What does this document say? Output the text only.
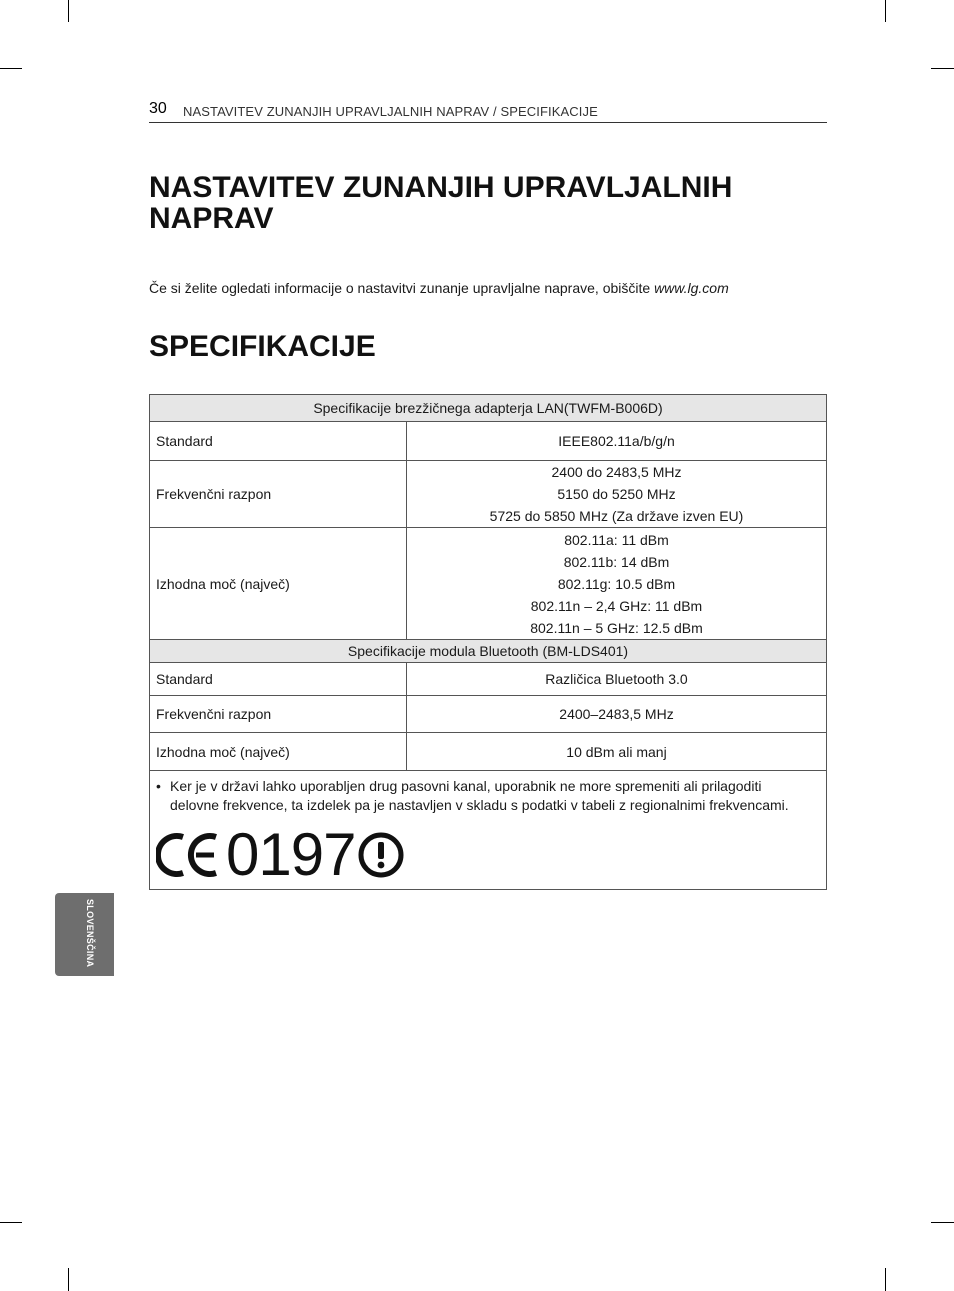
30 NASTAVITEV ZUNANJIH UPRAVLJALNIH NAPRAV / SPECIFIKACIJE
NASTAVITEV ZUNANJIH UPRAVLJALNIH NAPRAV

Če si želite ogledati informacije o nastavitvi zunanje upravljalne naprave, obiščite www.lg.com

SPECIFIKACIJE
Specifikacije brezžičnega adapterja LAN(TWFM-B006D)	
Standard	IEEE802.11a/b/g/n

Frekvenčni razpon	2400 do 2483,5 MHz
5150 do 5250 MHz
5725 do 5850 MHz (Za države izven EU)

Izhodna moč (največ)	802.11a: 11 dBm
802.11b: 14 dBm
802.11g: 10.5 dBm
802.11n – 2,4 GHz: 11 dBm
802.11n – 5 GHz: 12.5 dBm

Specifikacije modula Bluetooth (BM-LDS401)	
Standard	Različica Bluetooth 3.0

Frekvenčni razpon	2400–2483,5 MHz

Izhodna moč (največ)	10 dBm ali manj

• Ker je v državi lahko uporabljen drug pasovni kanal, uporabnik ne more spremeniti ali prilagoditi delovne frekvence, ta izdelek pa je nastavljen v skladu s podatki v tabeli z regionalnimi frekvencami.
0197	
SLOVENŠČINA
